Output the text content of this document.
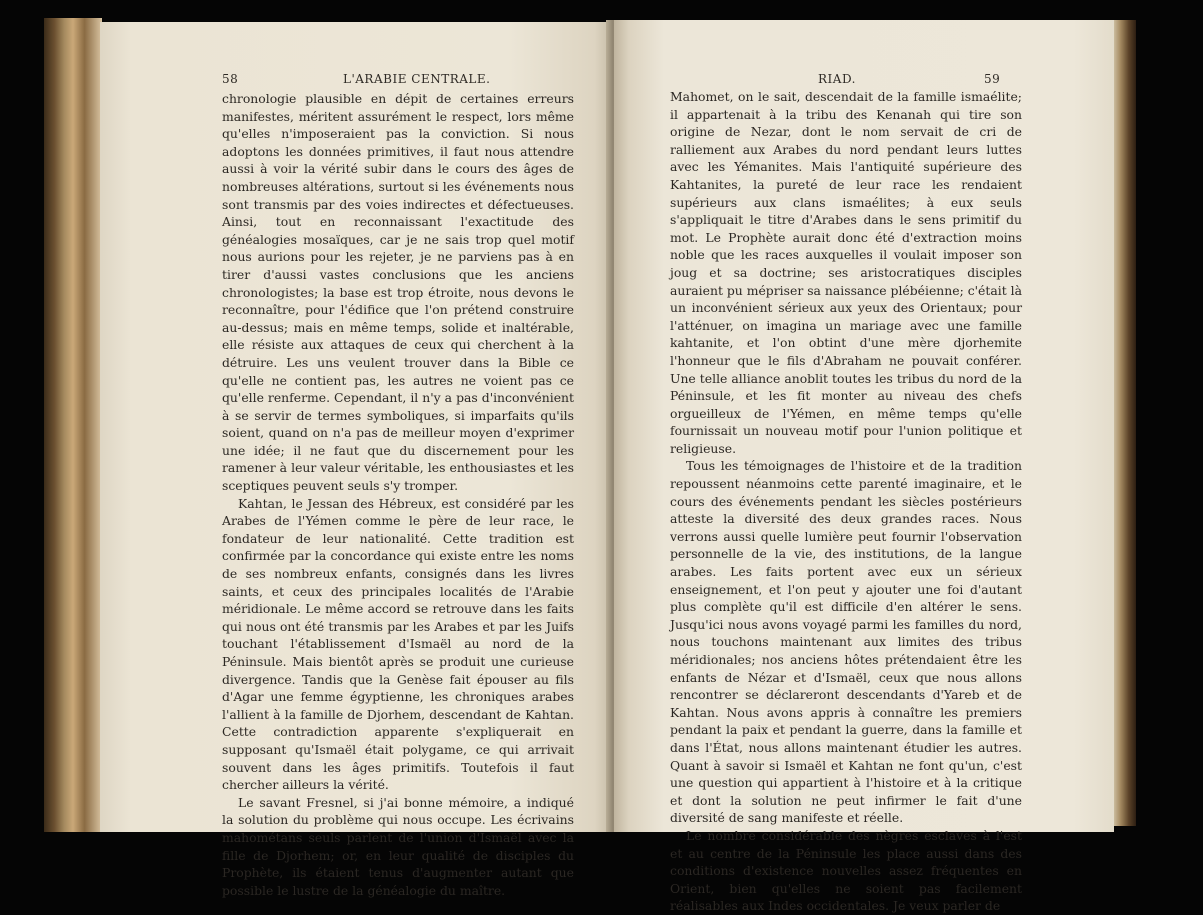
58	L'ARABIE CENTRALE.

chronologie plausible en dépit de certaines erreurs manifestes, méritent assurément le respect, lors même qu'elles n'imposeraient pas la conviction. Si nous adoptons les données primitives, il faut nous attendre aussi à voir la vérité subir dans le cours des âges de nombreuses altérations, surtout si les événements nous sont transmis par des voies indirectes et défectueuses. Ainsi, tout en reconnaissant l'exactitude des généalogies mosaïques, car je ne sais trop quel motif nous aurions pour les rejeter, je ne parviens pas à en tirer d'aussi vastes conclusions que les anciens chronologistes; la base est trop étroite, nous devons le reconnaître, pour l'édifice que l'on prétend construire au-dessus; mais en même temps, solide et inaltérable, elle résiste aux attaques de ceux qui cherchent à la détruire. Les uns veulent trouver dans la Bible ce qu'elle ne contient pas, les autres ne voient pas ce qu'elle renferme. Cependant, il n'y a pas d'inconvénient à se servir de termes symboliques, si imparfaits qu'ils soient, quand on n'a pas de meilleur moyen d'exprimer une idée; il ne faut que du discernement pour les ramener à leur valeur véritable, les enthousiastes et les sceptiques peuvent seuls s'y tromper.

Kahtan, le Jessan des Hébreux, est considéré par les Arabes de l'Yémen comme le père de leur race, le fondateur de leur nationalité. Cette tradition est confirmée par la concordance qui existe entre les noms de ses nombreux enfants, consignés dans les livres saints, et ceux des principales localités de l'Arabie méridionale. Le même accord se retrouve dans les faits qui nous ont été transmis par les Arabes et par les Juifs touchant l'établissement d'Ismaël au nord de la Péninsule. Mais bientôt après se produit une curieuse divergence. Tandis que la Genèse fait épouser au fils d'Agar une femme égyptienne, les chroniques arabes l'allient à la famille de Djorhem, descendant de Kahtan. Cette contradiction apparente s'expliquerait en supposant qu'Ismaël était polygame, ce qui arrivait souvent dans les âges primitifs. Toutefois il faut chercher ailleurs la vérité.

Le savant Fresnel, si j'ai bonne mémoire, a indiqué la solution du problème qui nous occupe. Les écrivains mahométans seuls parlent de l'union d'Ismaël avec la fille de Djorhem; or, en leur qualité de disciples du Prophète, ils étaient tenus d'augmenter autant que possible le lustre de la généalogie du maître.

RIAD.	59

Mahomet, on le sait, descendait de la famille ismaélite; il appartenait à la tribu des Kenanah qui tire son origine de Nezar, dont le nom servait de cri de ralliement aux Arabes du nord pendant leurs luttes avec les Yémanites. Mais l'antiquité supérieure des Kahtanites, la pureté de leur race les rendaient supérieurs aux clans ismaélites; à eux seuls s'appliquait le titre d'Arabes dans le sens primitif du mot. Le Prophète aurait donc été d'extraction moins noble que les races auxquelles il voulait imposer son joug et sa doctrine; ses aristocratiques disciples auraient pu mépriser sa naissance plébéienne; c'était là un inconvénient sérieux aux yeux des Orientaux; pour l'atténuer, on imagina un mariage avec une famille kahtanite, et l'on obtint d'une mère djorhemite l'honneur que le fils d'Abraham ne pouvait conférer. Une telle alliance anoblit toutes les tribus du nord de la Péninsule, et les fit monter au niveau des chefs orgueilleux de l'Yémen, en même temps qu'elle fournissait un nouveau motif pour l'union politique et religieuse.

Tous les témoignages de l'histoire et de la tradition repoussent néanmoins cette parenté imaginaire, et le cours des événements pendant les siècles postérieurs atteste la diversité des deux grandes races. Nous verrons aussi quelle lumière peut fournir l'observation personnelle de la vie, des institutions, de la langue arabes. Les faits portent avec eux un sérieux enseignement, et l'on peut y ajouter une foi d'autant plus complète qu'il est difficile d'en altérer le sens. Jusqu'ici nous avons voyagé parmi les familles du nord, nous touchons maintenant aux limites des tribus méridionales; nos anciens hôtes prétendaient être les enfants de Nézar et d'Ismaël, ceux que nous allons rencontrer se déclareront descendants d'Yareb et de Kahtan. Nous avons appris à connaître les premiers pendant la paix et pendant la guerre, dans la famille et dans l'État, nous allons maintenant étudier les autres. Quant à savoir si Ismaël et Kahtan ne font qu'un, c'est une question qui appartient à l'histoire et à la critique et dont la solution ne peut infirmer le fait d'une diversité de sang manifeste et réelle.

Le nombre considérable des nègres esclaves à l'est et au centre de la Péninsule les place aussi dans des conditions d'existence nouvelles assez fréquentes en Orient, bien qu'elles ne soient pas facilement réalisables aux Indes occidentales. Je veux parler de
